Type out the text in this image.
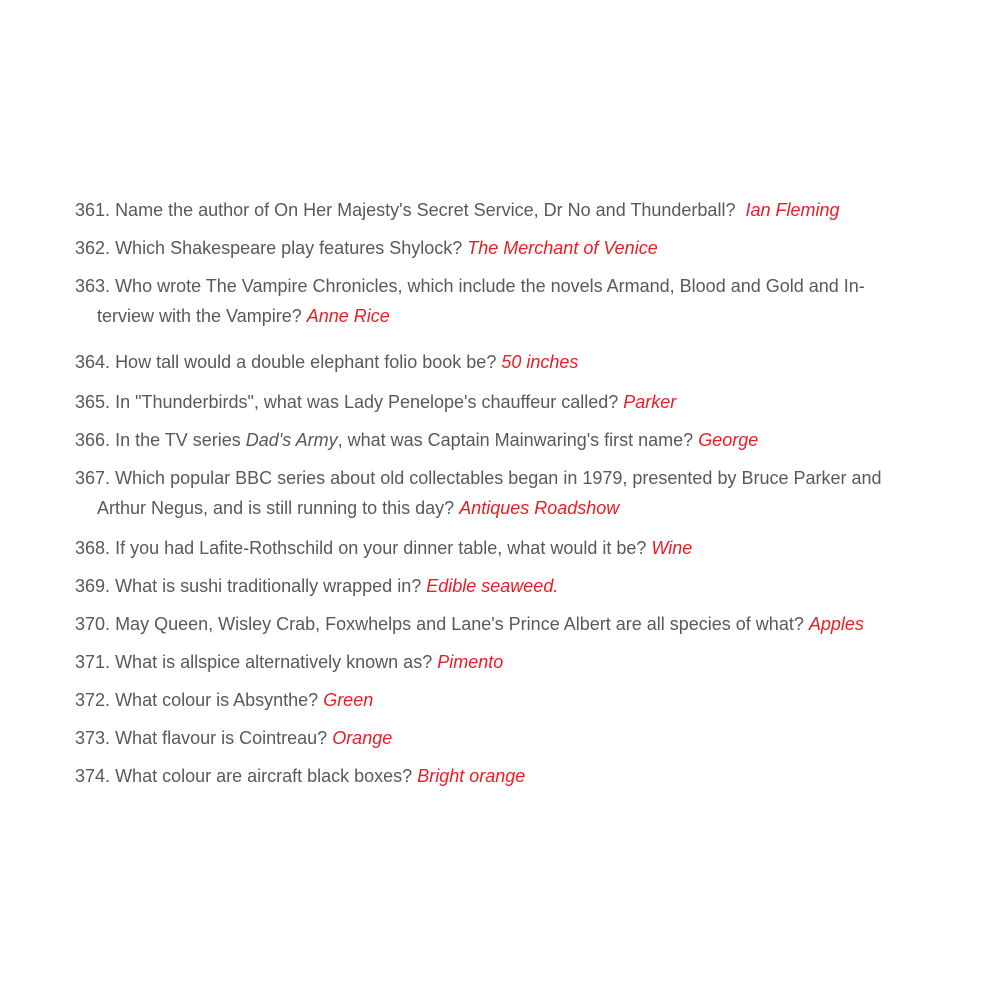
361. Name the author of On Her Majesty's Secret Service, Dr No and Thunderball?  Ian Fleming
362. Which Shakespeare play features Shylock? The Merchant of Venice
363. Who wrote The Vampire Chronicles, which include the novels Armand, Blood and Gold and In-
terview with the Vampire? Anne Rice
364. How tall would a double elephant folio book be? 50 inches
365. In "Thunderbirds", what was Lady Penelope's chauffeur called? Parker
366. In the TV series Dad's Army, what was Captain Mainwaring's first name? George
367. Which popular BBC series about old collectables began in 1979, presented by Bruce Parker and
Arthur Negus, and is still running to this day? Antiques Roadshow
368. If you had Lafite-Rothschild on your dinner table, what would it be? Wine
369. What is sushi traditionally wrapped in? Edible seaweed.
370. May Queen, Wisley Crab, Foxwhelps and Lane's Prince Albert are all species of what? Apples
371. What is allspice alternatively known as? Pimento
372. What colour is Absynthe? Green
373. What flavour is Cointreau? Orange
374. What colour are aircraft black boxes? Bright orange
